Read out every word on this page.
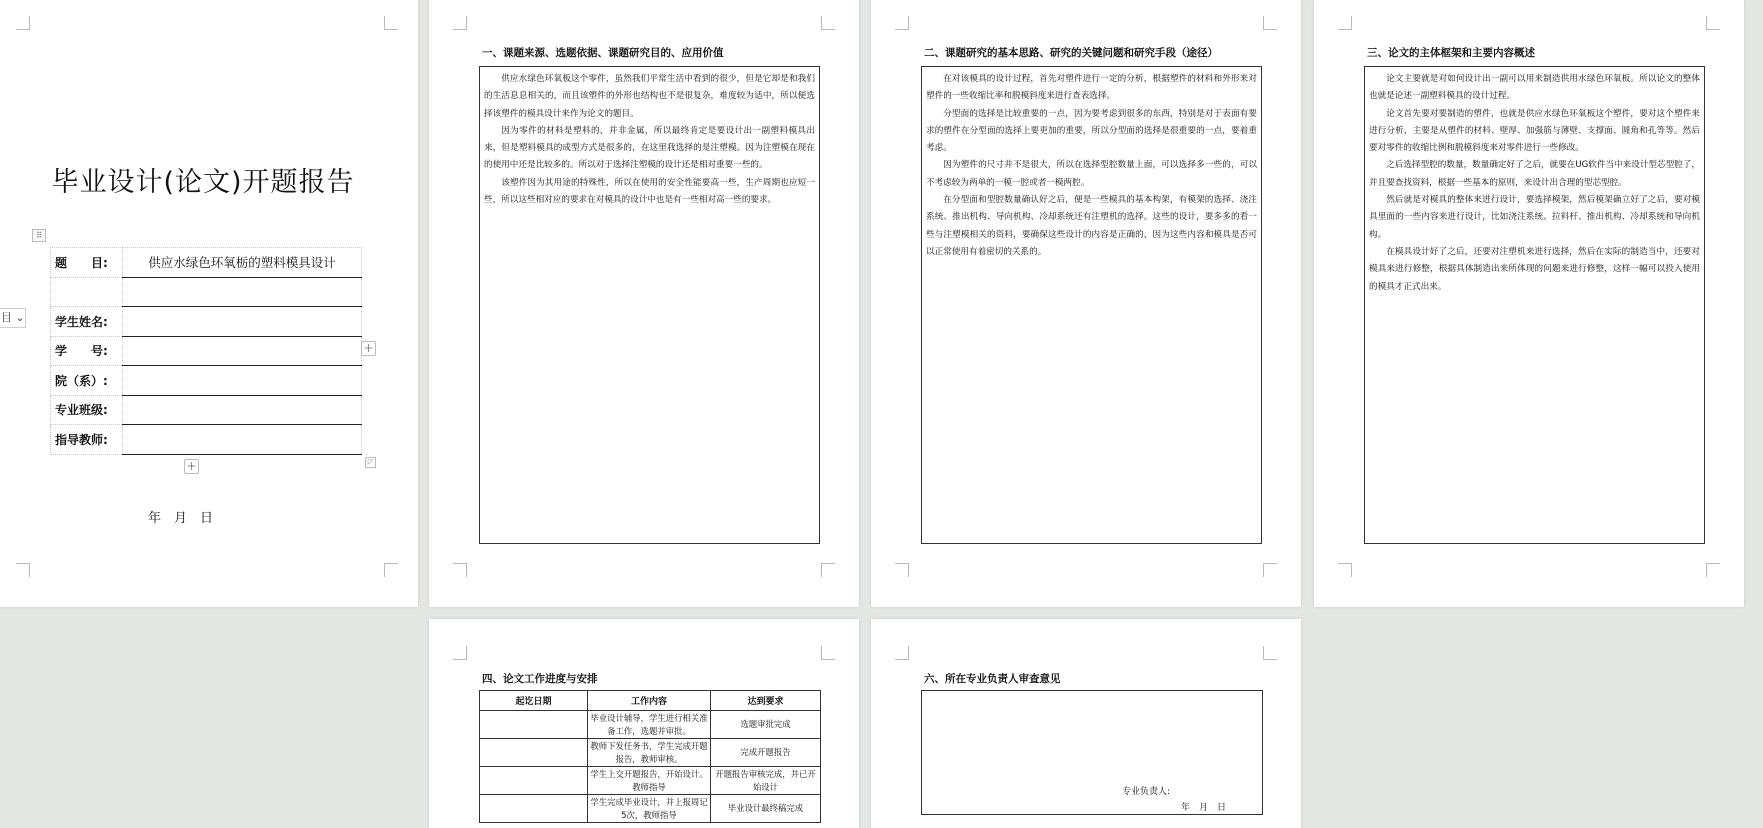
毕业设计(论文)开题报告
⠿
题　　目:	供应水绿色环氧栃的塑料模具设计

学生姓名:	
学　　号:	
院（系）:	
专业班级:	
指导教师:	
+
+	◸
年　月　日
目 ⌄
一、课题来源、选题依据、课题研究目的、应用价值

供应水绿色环氧板这个零件，虽然我们平常生活中看到的很少，但是它却是和我们的生活息息相关的，而且该塑件的外形也结构也不是很复杂，难度较为适中，所以便选择该塑件的模具设计来作为论文的题目。

因为零件的材料是塑料的，并非金属，所以最终肯定是要设计出一副塑料模具出来，但是塑料模具的成型方式是很多的，在这里我选择的是注塑模。因为注塑模在现在的使用中还是比较多的。所以对于选择注塑模的设计还是相对重要一些的。

该塑件因为其用途的特殊性，所以在使用的安全性能要高一些，生产周期也应短一些，所以这些相对应的要求在对模具的设计中也是有一些相对高一些的要求。

二、课题研究的基本思路、研究的关键问题和研究手段（途径）

在对该模具的设计过程，首先对塑件进行一定的分析，根据塑件的材料和外形来对塑件的一些收缩比率和脱模斜度来进行查表选择。

分型面的选择是比较重要的一点，因为要考虑到很多的东西，特别是对于表面有要求的塑件在分型面的选择上要更加的重要，所以分型面的选择是很重要的一点，要着重考虑。

因为塑件的尺寸并不是很大，所以在选择型腔数量上面，可以选择多一些的，可以不考虑较为两单的一模一腔或者一模两腔。

在分型面和型腔数量确认好之后，便是一些模具的基本构架，有模架的选择、浇注系统、推出机构、导向机构、冷却系统还有注塑机的选择。这些的设计，要多多的看一些与注塑模相关的资料，要确保这些设计的内容是正确的，因为这些内容和模具是否可以正常使用有着密切的关系的。

三、论文的主体框架和主要内容概述

论文主要就是对如何设计出一副可以用来制造供用水绿色环氧板。所以论文的整体也就是论述一副塑料模具的设计过程。

论文首先要对要制造的塑件，也就是供应水绿色环氧板这个塑件，要对这个塑件来进行分析，主要是从塑件的材料、壁厚、加强筋与薄壁、支撑面、圆角和孔等等。然后要对零件的收缩比例和脱模斜度来对零件进行一些修改。

之后选择型腔的数量，数量确定好了之后，就要在UG软件当中来设计型芯型腔了，并且要查找资料，根据一些基本的原则，来设计出合理的型芯型腔。

然后就是对模具的整体来进行设计，要选择模架，然后模架确立好了之后，要对模具里面的一些内容来进行设计，比如浇注系统、拉料杆、推出机构、冷却系统和导向机构。

在模具设计好了之后，还要对注塑机来进行选择，然后在实际的制造当中，还要对模具来进行修整，根据具体制造出来所体现的问题来进行修整，这样一幅可以投入使用的模具才正式出来。

四、论文工作进度与安排
起讫日期	工作内容	达到要求
	毕业设计辅导，学生进行相关准备工作，选题并审批。	选题审批完成
	教师下发任务书，学生完成开题报告，教师审核。	完成开题报告
	学生上交开题报告，开始设计。教师指导	开题报告审核完成，并已开始设计
	学生完成毕业设计，并上报周记5次，教师指导	毕业设计最终稿完成
六、所在专业负责人审查意见
专业负责人:
年　月　日
